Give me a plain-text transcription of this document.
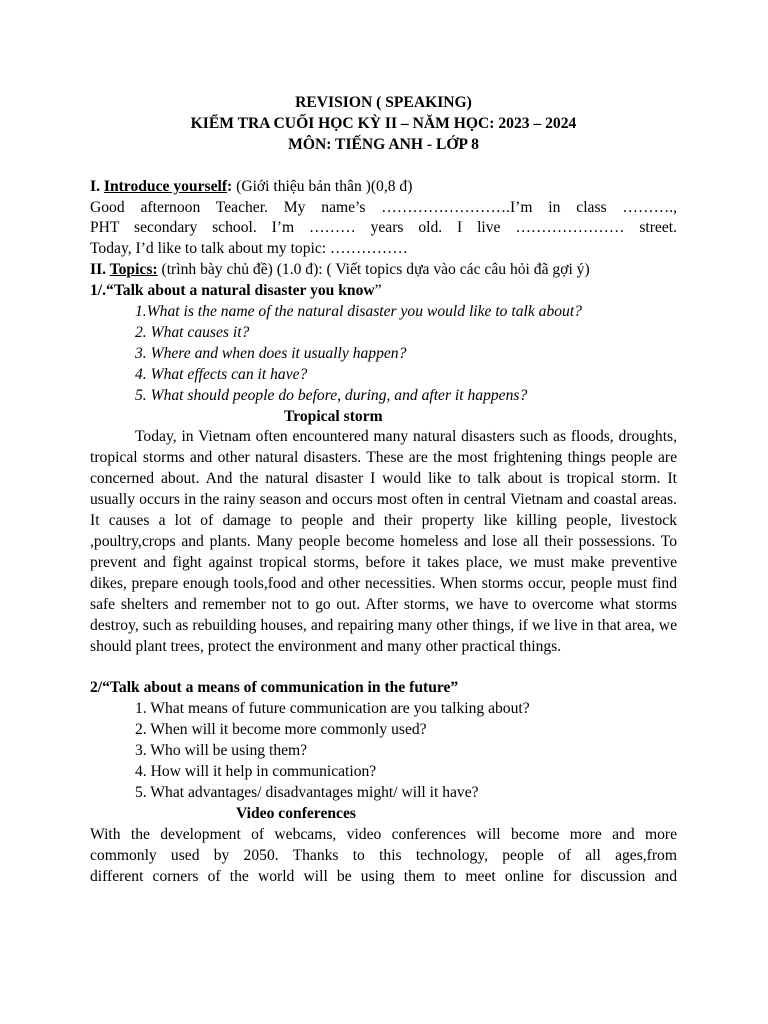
REVISION ( SPEAKING)
KIỂM TRA CUỐI HỌC KỲ II – NĂM HỌC: 2023 – 2024
MÔN: TIẾNG ANH - LỚP 8
I. Introduce yourself: (Giới thiệu bản thân )(0,8 đ)
Good afternoon Teacher. My name’s …………………….I’m in class ……….,
PHT secondary school. I’m ……… years old. I live ………………… street.
Today, I’d like to talk about my topic: ……………
II. Topics: (trình bày chủ đề) (1.0 đ): ( Viết topics dựa vào các câu hỏi đã gợi ý)
1/.“Talk about a natural disaster you know”
1.What is the name of the natural disaster you would like to talk about?
2. What causes it?
3. Where and when does it usually happen?
4. What effects can it have?
5. What should people do before, during, and after it happens?
Tropical storm
Today, in Vietnam often encountered many natural disasters such as floods, droughts, tropical storms and other natural disasters. These are the most frightening things people are concerned about. And the natural disaster I would like to talk about is tropical storm. It usually occurs in the rainy season and occurs most often in central Vietnam and coastal areas. It causes a lot of damage to people and their property like killing people, livestock ,poultry,crops and plants. Many people become homeless and lose all their possessions. To prevent and fight against tropical storms, before it takes place, we must make preventive dikes, prepare enough tools,food and other necessities. When storms occur, people must find safe shelters and remember not to go out. After storms, we have to overcome what storms destroy, such as rebuilding houses, and repairing many other things, if we live in that area, we should plant trees, protect the environment and many other practical things.
2/“Talk about a means of communication in the future”
1. What means of future communication are you talking about?
2. When will it become more commonly used?
3. Who will be using them?
4. How will it help in communication?
5. What advantages/ disadvantages might/ will it have?
Video conferences
With the development of webcams, video conferences will become more and more
commonly used by 2050. Thanks to this technology, people of all ages,from
different corners of the world will be using them to meet online for discussion and
